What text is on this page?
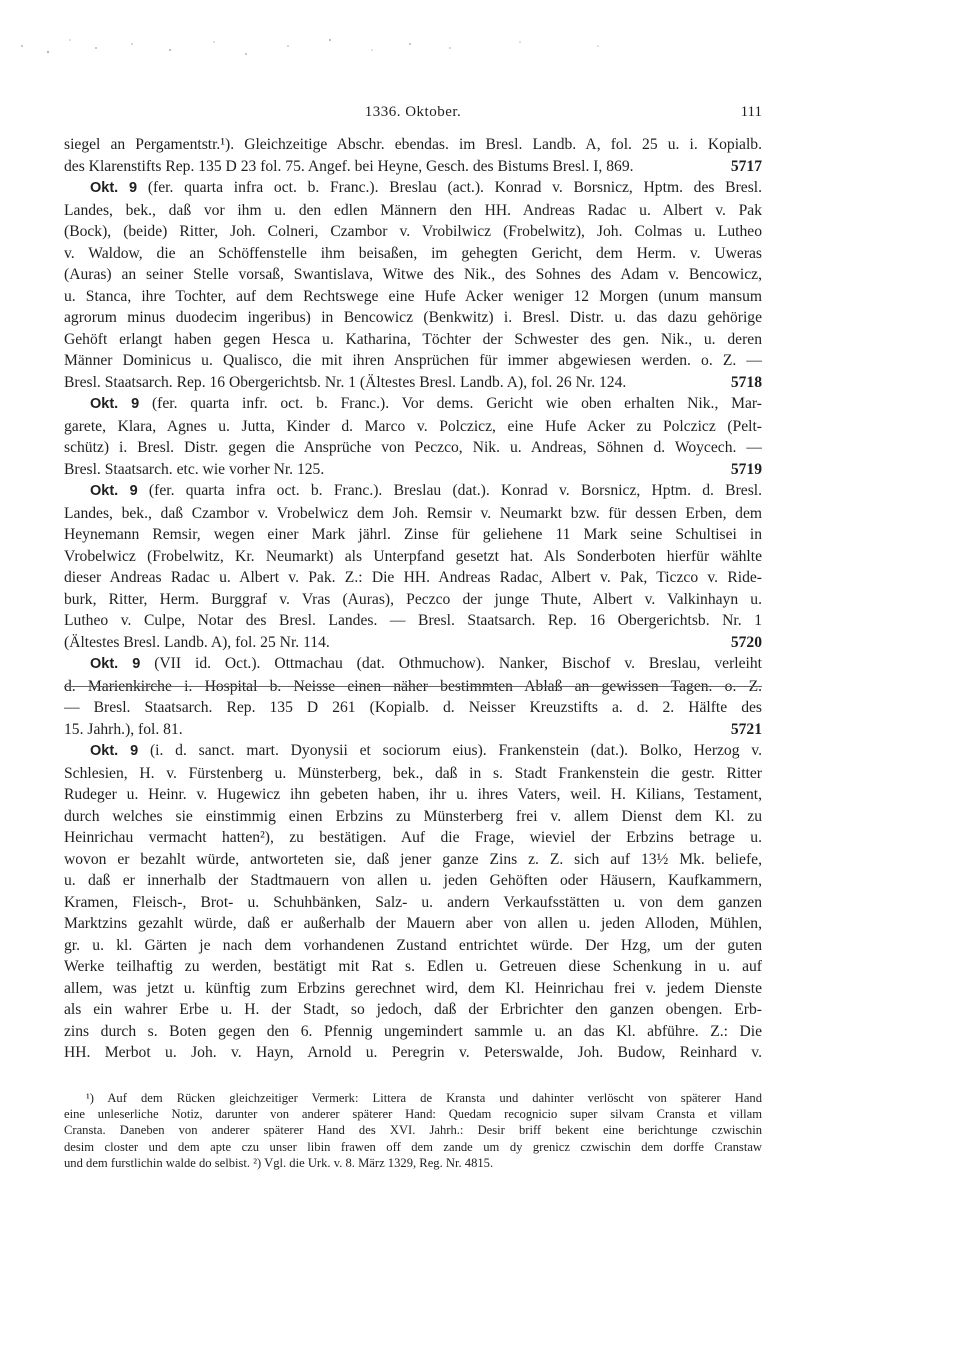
1336. Oktober.	111
siegel an Pergamentstr.¹). Gleichzeitige Abschr. ebendas. im Bresl. Landb. A, fol. 25 u. i. Kopialb.
des Klarenstifts Rep. 135 D 23 fol. 75. Angef. bei Heyne, Gesch. des Bistums Bresl. I, 869.	5717
Okt. 9 (fer. quarta infra oct. b. Franc.). Breslau (act.). Konrad v. Borsnicz, Hptm. des Bresl.
Landes, bek., daß vor ihm u. den edlen Männern den HH. Andreas Radac u. Albert v. Pak
(Bock), (beide) Ritter, Joh. Colneri, Czambor v. Vrobilwicz (Frobelwitz), Joh. Colmas u. Lutheo
v. Waldow, die an Schöffenstelle ihm beisaßen, im gehegten Gericht, dem Herm. v. Uweras
(Auras) an seiner Stelle vorsaß, Swantislava, Witwe des Nik., des Sohnes des Adam v. Bencowicz,
u. Stanca, ihre Tochter, auf dem Rechtswege eine Hufe Acker weniger 12 Morgen (unum mansum
agrorum minus duodecim ingeribus) in Bencowicz (Benkwitz) i. Bresl. Distr. u. das dazu gehörige
Gehöft erlangt haben gegen Hesca u. Katharina, Töchter der Schwester des gen. Nik., u. deren
Männer Dominicus u. Qualisco, die mit ihren Ansprüchen für immer abgewiesen werden. o. Z. —
Bresl. Staatsarch. Rep. 16 Obergerichtsb. Nr. 1 (Ältestes Bresl. Landb. A), fol. 26 Nr. 124.	5718
Okt. 9 (fer. quarta infr. oct. b. Franc.). Vor dems. Gericht wie oben erhalten Nik., Mar-
garete, Klara, Agnes u. Jutta, Kinder d. Marco v. Polczicz, eine Hufe Acker zu Polczicz (Pelt-
schütz) i. Bresl. Distr. gegen die Ansprüche von Peczco, Nik. u. Andreas, Söhnen d. Woycech. —
Bresl. Staatsarch. etc. wie vorher Nr. 125.	5719
Okt. 9 (fer. quarta infra oct. b. Franc.). Breslau (dat.). Konrad v. Borsnicz, Hptm. d. Bresl.
Landes, bek., daß Czambor v. Vrobelwicz dem Joh. Remsir v. Neumarkt bzw. für dessen Erben, dem
Heynemann Remsir, wegen einer Mark jährl. Zinse für geliehene 11 Mark seine Schultisei in
Vrobelwicz (Frobelwitz, Kr. Neumarkt) als Unterpfand gesetzt hat. Als Sonderboten hierfür wählte
dieser Andreas Radac u. Albert v. Pak. Z.: Die HH. Andreas Radac, Albert v. Pak, Ticzco v. Ride-
burk, Ritter, Herm. Burggraf v. Vras (Auras), Peczco der junge Thute, Albert v. Valkinhayn u.
Lutheo v. Culpe, Notar des Bresl. Landes. — Bresl. Staatsarch. Rep. 16 Obergerichtsb. Nr. 1
(Ältestes Bresl. Landb. A), fol. 25 Nr. 114.	5720
Okt. 9 (VII id. Oct.). Ottmachau (dat. Othmuchow). Nanker, Bischof v. Breslau, verleiht
d. Marienkirche i. Hospital b. Neisse einen näher bestimmten Ablaß an gewissen Tagen. o. Z.
— Bresl. Staatsarch. Rep. 135 D 261 (Kopialb. d. Neisser Kreuzstifts a. d. 2. Hälfte des
15. Jahrh.), fol. 81.	5721
Okt. 9 (i. d. sanct. mart. Dyonysii et sociorum eius). Frankenstein (dat.). Bolko, Herzog v.
Schlesien, H. v. Fürstenberg u. Münsterberg, bek., daß in s. Stadt Frankenstein die gestr. Ritter
Rudeger u. Heinr. v. Hugewicz ihn gebeten haben, ihr u. ihres Vaters, weil. H. Kilians, Testament,
durch welches sie einstimmig einen Erbzins zu Münsterberg frei v. allem Dienst dem Kl. zu
Heinrichau vermacht hatten²), zu bestätigen. Auf die Frage, wieviel der Erbzins betrage u.
wovon er bezahlt würde, antworteten sie, daß jener ganze Zins z. Z. sich auf 13½ Mk. beliefe,
u. daß er innerhalb der Stadtmauern von allen u. jeden Gehöften oder Häusern, Kaufkammern,
Kramen, Fleisch-, Brot- u. Schuhbänken, Salz- u. andern Verkaufsstätten u. von dem ganzen
Marktzins gezahlt würde, daß er außerhalb der Mauern aber von allen u. jeden Alloden, Mühlen,
gr. u. kl. Gärten je nach dem vorhandenen Zustand entrichtet würde. Der Hzg, um der guten
Werke teilhaftig zu werden, bestätigt mit Rat s. Edlen u. Getreuen diese Schenkung in u. auf
allem, was jetzt u. künftig zum Erbzins gerechnet wird, dem Kl. Heinrichau frei v. jedem Dienste
als ein wahrer Erbe u. H. der Stadt, so jedoch, daß der Erbrichter den ganzen obengen. Erb-
zins durch s. Boten gegen den 6. Pfennig ungemindert sammle u. an das Kl. abführe. Z.: Die
HH. Merbot u. Joh. v. Hayn, Arnold u. Peregrin v. Peterswalde, Joh. Budow, Reinhard v.
¹) Auf dem Rücken gleichzeitiger Vermerk: Littera de Kransta und dahinter verlöscht von späterer Hand
eine unleserliche Notiz, darunter von anderer späterer Hand: Quedam recognicio super silvam Cranstа et villam
Cransta. Daneben von anderer späterer Hand des XVI. Jahrh.: Desir briff bekent eine berichtunge czwischin
desim closter und dem apte czu unser libin frawen off dem zande um dy grenicz czwischin dem dorffe Cranstaw
und dem furstlichin walde do selbist. ²) Vgl. die Urk. v. 8. März 1329, Reg. Nr. 4815.
